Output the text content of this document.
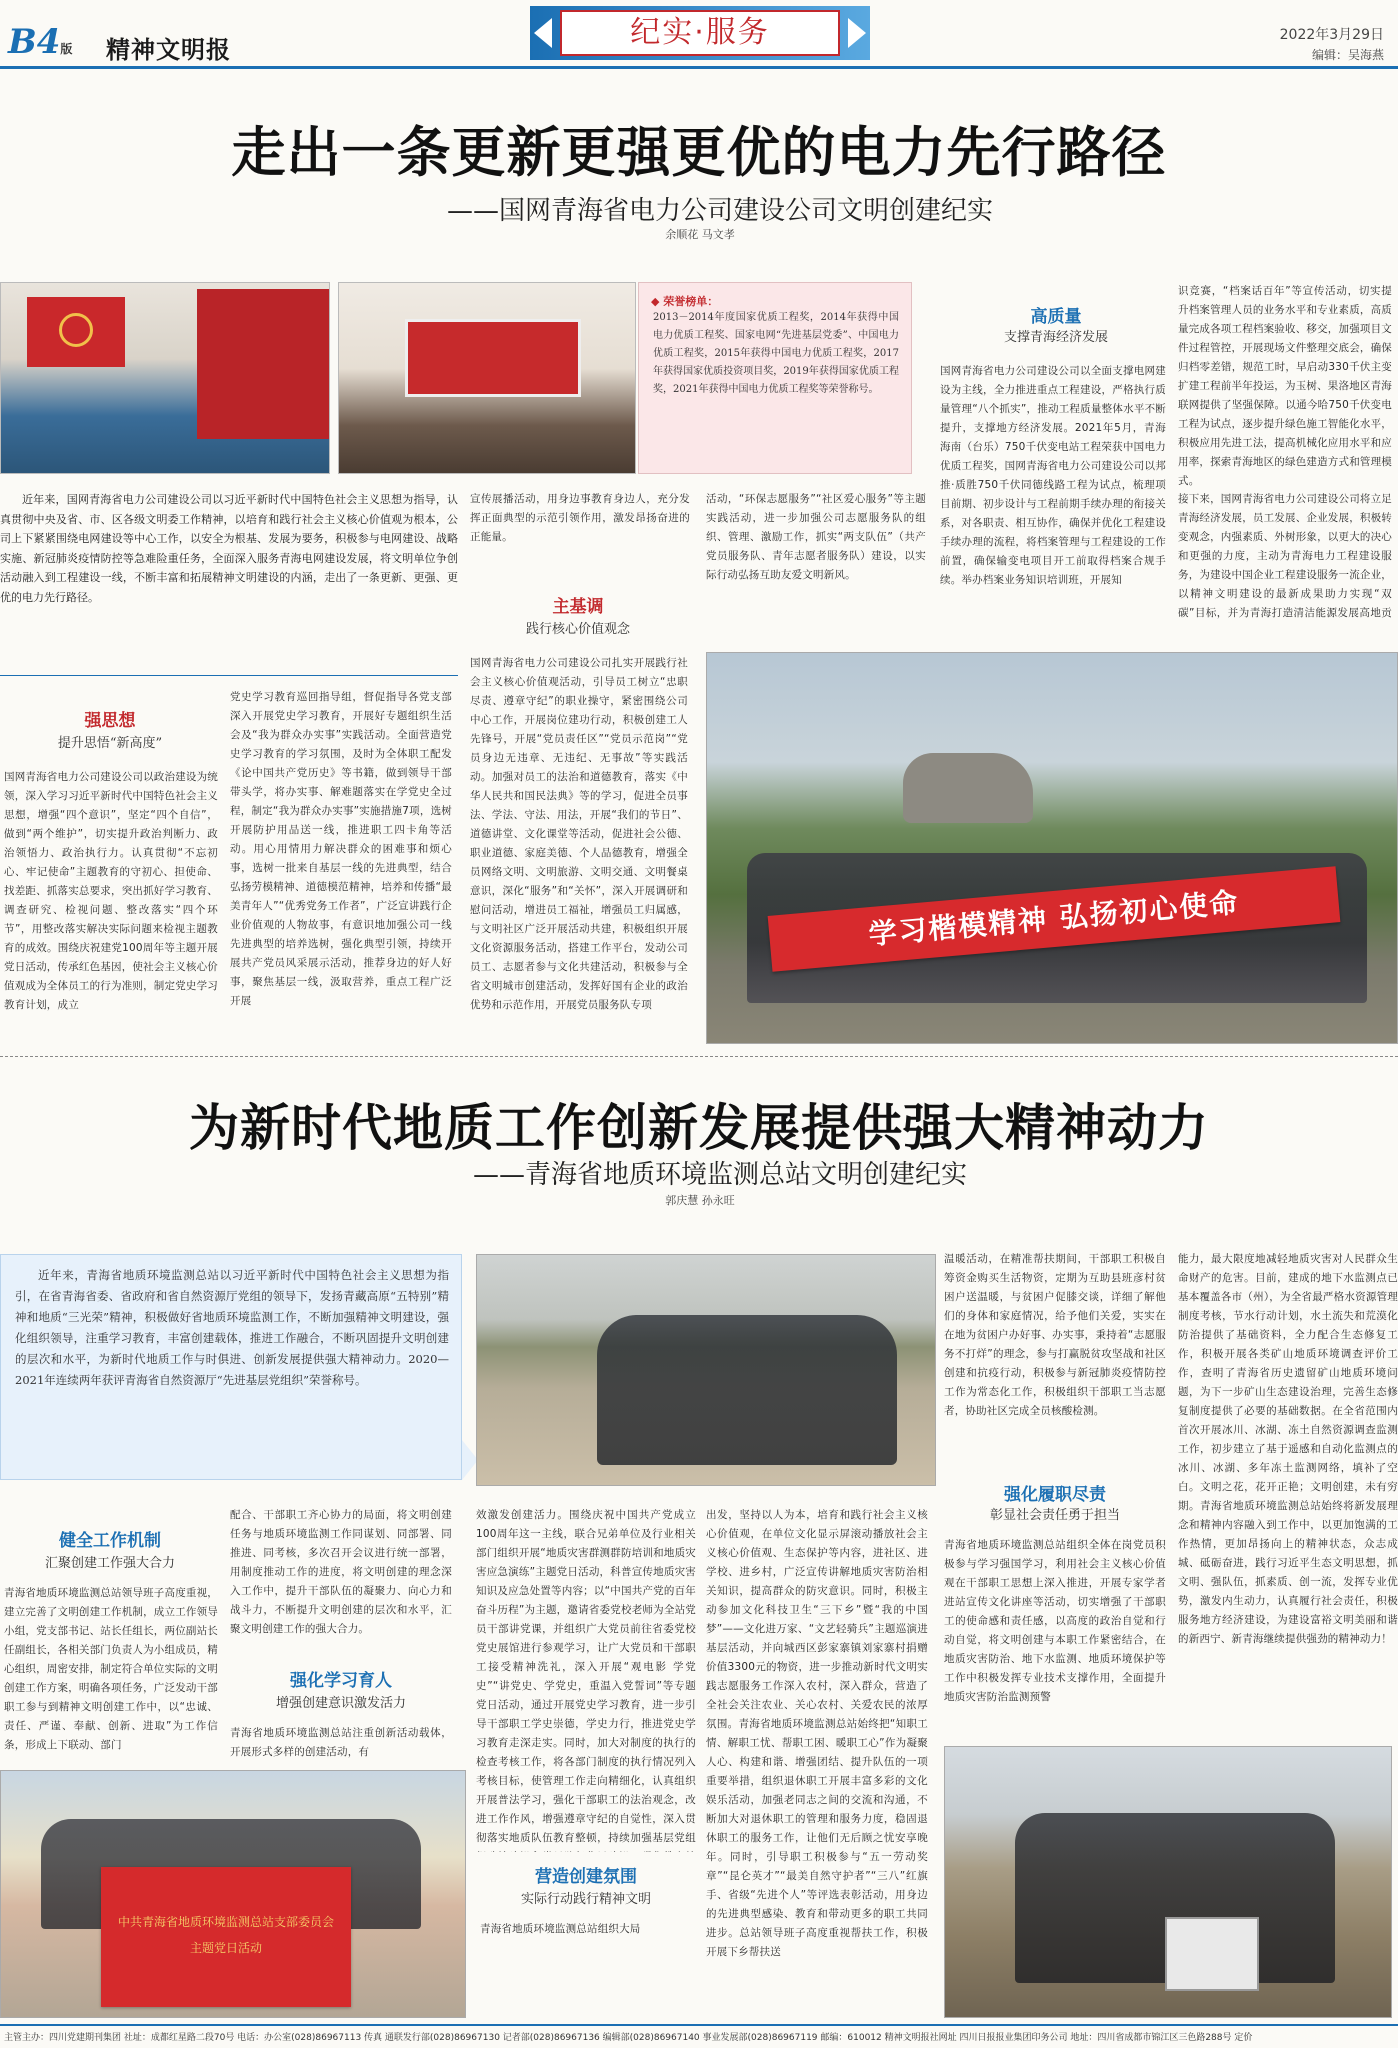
B4版 精神文明报	纪实·服务	2022年3月29日
编辑：吴海燕
走出一条更新更强更优的电力先行路径
——国网青海省电力公司建设公司文明创建纪实
余顺花 马文孝
◆ 荣誉榜单：
2013－2014年度国家优质工程奖，2014年获得中国电力优质工程奖、国家电网“先进基层党委”、中国电力优质工程奖，2015年获得中国电力优质工程奖，2017年获得国家优质投资项目奖，2019年获得国家优质工程奖，2021年获得中国电力优质工程奖等荣誉称号。
高质量
支撑青海经济发展
国网青海省电力公司建设公司以全面支撑电网建设为主线，全力推进重点工程建设，严格执行质量管理“八个抓实”，推动工程质量整体水平不断提升，支撑地方经济发展。2021年5月，青海海南（台乐）750千伏变电站工程荣获中国电力优质工程奖，国网青海省电力公司建设公司以邦推·质胜750千伏同德线路工程为试点，梳理项目前期、初步设计与工程前期手续办理的衔接关系，对各职责、相互协作，确保并优化工程建设手续办理的流程，将档案管理与工程建设的工作前置，确保输变电项目开工前取得档案合规手续。举办档案业务知识培训班，开展知
识竞赛，“档案话百年”等宣传活动，切实提升档案管理人员的业务水平和专业素质，高质量完成各项工程档案验收、移交，加强项目文件过程管控，开展现场文件整理交底会，确保归档零差错，规范工时，早启动330千伏主变扩建工程前半年投运，为玉树、果洛地区青海联网提供了坚强保障。以通今哈750千伏变电工程为试点，逐步提升绿色施工智能化水平，积极应用先进工法，提高机械化应用水平和应用率，探索青海地区的绿色建造方式和管理模式。
接下来，国网青海省电力公司建设公司将立足青海经济发展，员工发展、企业发展，积极转变观念，内强素质、外树形象，以更大的决心和更强的力度，主动为青海电力工程建设服务，为建设中国企业工程建设服务一流企业，以精神文明建设的最新成果助力实现“双碳”目标，并为青海打造清洁能源发展高地贡
近年来，国网青海省电力公司建设公司以习近平新时代中国特色社会主义思想为指导，认真贯彻中央及省、市、区各级文明委工作精神，以培育和践行社会主义核心价值观为根本，公司上下紧紧围绕电网建设等中心工作，以安全为根基、发展为要务，积极参与电网建设、战略实施、新冠肺炎疫情防控等急难险重任务，全面深入服务青海电网建设发展，将文明单位争创活动融入到工程建设一线，不断丰富和拓展精神文明建设的内涵，走出了一条更新、更强、更优的电力先行路径。
强思想
提升思悟“新高度”
国网青海省电力公司建设公司以政治建设为统领，深入学习习近平新时代中国特色社会主义思想，增强“四个意识”，坚定“四个自信”，做到“两个维护”，切实提升政治判断力、政治领悟力、政治执行力。认真贯彻“不忘初心、牢记使命”主题教育的守初心、担使命、找差距、抓落实总要求，突出抓好学习教育、调查研究、检视问题、整改落实“四个环节”，用整改落实解决实际问题来检视主题教育的成效。围绕庆祝建党100周年等主题开展党日活动，传承红色基因，使社会主义核心价值观成为全体员工的行为准则，制定党史学习教育计划，成立
党史学习教育巡回指导组，督促指导各党支部深入开展党史学习教育，开展好专题组织生活会及“我为群众办实事”实践活动。全面营造党史学习教育的学习氛围，及时为全体职工配发《论中国共产党历史》等书籍，做到领导干部带头学，将办实事、解难题落实在学党史全过程，制定“我为群众办实事”实施措施7项，选树开展防护用品送一线，推进职工四卡角等活动。用心用情用力解决群众的困难事和烦心事，选树一批来自基层一线的先进典型，结合弘扬劳模精神、道德模范精神，培养和传播“最美青年人”“优秀党务工作者”，广泛宣讲践行企业价值观的人物故事，有意识地加强公司一线先进典型的培养选树，强化典型引领，持续开展共产党员风采展示活动，推荐身边的好人好事，聚焦基层一线，汲取营养，重点工程广泛开展
宣传展播活动，用身边事教育身边人，充分发挥正面典型的示范引领作用，激发昂扬奋进的正能量。
主基调
践行核心价值观念
国网青海省电力公司建设公司扎实开展践行社会主义核心价值观活动，引导员工树立“忠职尽责、遵章守纪”的职业操守，紧密围绕公司中心工作，开展岗位建功行动，积极创建工人先锋号，开展“党员责任区”“党员示范岗”“党员身边无违章、无违纪、无事故”等实践活动。加强对员工的法治和道德教育，落实《中华人民共和国民法典》等的学习，促进全员事法、学法、守法、用法，开展“我们的节日”、道德讲堂、文化课堂等活动，促进社会公德、职业道德、家庭美德、个人品德教育，增强全员网络文明、文明旅游、文明交通、文明餐桌意识，深化“服务”和“关怀”，深入开展调研和慰问活动，增进员工福祉，增强员工归属感，与文明社区广泛开展活动共建，积极组织开展文化资源服务活动，搭建工作平台，发动公司员工、志愿者参与文化共建活动，积极参与全省文明城市创建活动，发挥好国有企业的政治优势和示范作用，开展党员服务队专项
活动，“环保志愿服务”“社区爱心服务”等主题实践活动，进一步加强公司志愿服务队的组织、管理、激励工作，抓实“两支队伍”（共产党员服务队、青年志愿者服务队）建设，以实际行动弘扬互助友爱文明新风。
学习楷模精神 弘扬初心使命
为新时代地质工作创新发展提供强大精神动力
——青海省地质环境监测总站文明创建纪实
郭庆慧 孙永旺
近年来，青海省地质环境监测总站以习近平新时代中国特色社会主义思想为指引，在省青海省委、省政府和省自然资源厅党组的领导下，发扬青藏高原“五特别”精神和地质“三光荣”精神，积极做好省地质环境监测工作，不断加强精神文明建设，强化组织领导，注重学习教育，丰富创建载体，推进工作融合，不断巩固提升文明创建的层次和水平，为新时代地质工作与时俱进、创新发展提供强大精神动力。2020—2021年连续两年获评青海省自然资源厅“先进基层党组织”荣誉称号。
温暖活动，在精准帮扶期间，干部职工积极自筹资金购买生活物资，定期为互助县班彦村贫困户送温暖，与贫困户促膝交谈，详细了解他们的身体和家庭情况，给予他们关爱，实实在在地为贫困户办好事、办实事，秉持着“志愿服务不打烊”的理念，参与打赢脱贫攻坚战和社区创建和抗疫行动，积极参与新冠肺炎疫情防控工作为常态化工作，积极组织干部职工当志愿者，协助社区完成全员核酸检测。
强化履职尽责
彰显社会责任勇于担当
青海省地质环境监测总站组织全体在岗党员积极参与学习强国学习，利用社会主义核心价值观在干部职工思想上深入推进，开展专家学者进站宣传文化讲座等活动，切实增强了干部职工的使命感和责任感，以高度的政治自觉和行动自觉，将文明创建与本职工作紧密结合，在地质灾害防治、地下水监测、地质环境保护等工作中积极发挥专业技术支撑作用，全面提升地质灾害防治监测预警
能力，最大限度地减轻地质灾害对人民群众生命财产的危害。目前，建成的地下水监测点已基本覆盖各市（州），为全省最严格水资源管理制度考核，节水行动计划，水土流失和荒漠化防治提供了基础资料，全力配合生态修复工作，积极开展各类矿山地质环境调查评价工作，查明了青海省历史遗留矿山地质环境问题，为下一步矿山生态建设治理，完善生态修复制度提供了必要的基础数据。在全省范围内首次开展冰川、冰湖、冻土自然资源调查监测工作，初步建立了基于遥感和自动化监测点的冰川、冰湖、多年冻土监测网络，填补了空白。文明之花，花开正艳；文明创建，未有穷期。青海省地质环境监测总站始终将新发展理念和精神内容融入到工作中，以更加饱满的工作热情，更加昂扬向上的精神状态，众志成城、砥砺奋进，践行习近平生态文明思想，抓文明、强队伍，抓素质、创一流，发挥专业优势，激发内生动力，认真履行社会责任，积极服务地方经济建设，为建设富裕文明美丽和谐的新西宁、新青海继续提供强劲的精神动力！
健全工作机制
汇聚创建工作强大合力
青海省地质环境监测总站领导班子高度重视，建立完善了文明创建工作机制，成立工作领导小组，党支部书记、站长任组长，两位副站长任副组长，各相关部门负责人为小组成员，精心组织，周密安排，制定符合单位实际的文明创建工作方案，明确各项任务，广泛发动干部职工参与到精神文明创建工作中，以“忠诚、责任、严谨、奉献、创新、进取”为工作信条，形成上下联动、部门
配合、干部职工齐心协力的局面，将文明创建任务与地质环境监测工作同谋划、同部署、同推进、同考核，多次召开会议进行统一部署，用制度推动工作的进度，将文明创建的理念深入工作中，提升干部队伍的凝聚力、向心力和战斗力，不断提升文明创建的层次和水平，汇聚文明创建工作的强大合力。
强化学习育人
增强创建意识激发活力
青海省地质环境监测总站注重创新活动载体，开展形式多样的创建活动，有
效激发创建活力。围绕庆祝中国共产党成立100周年这一主线，联合兄弟单位及行业相关部门组织开展“地质灾害群测群防培训和地质灾害应急演练”主题党日活动，科普宣传地质灾害知识及应急处置等内容；以“中国共产党的百年奋斗历程”为主题，邀请省委党校老师为全站党员干部讲党课，并组织广大党员前往省委党校党史展馆进行参观学习，让广大党员和干部职工接受精神洗礼，深入开展“观电影 学党史”“讲党史、学党史，重温入党誓词”等专题党日活动，通过开展党史学习教育，进一步引导干部职工学史崇德，学史力行，推进党史学习教育走深走实。同时，加大对制度的执行的检查考核工作，将各部门制度的执行情况列入考核目标，使管理工作走向精细化，认真组织开展普法学习，强化干部职工的法治观念，改进工作作风，增强遵章守纪的自觉性，深入贯彻落实地质队伍教育整顿，持续加强基层党组
出发，坚持以人为本，培育和践行社会主义核心价值观，在单位文化显示屏滚动播放社会主义核心价值观、生态保护等内容，进社区、进学校、进乡村，广泛宣传讲解地质灾害防治相关知识，提高群众的防灾意识。同时，积极主动参加文化科技卫生“三下乡”暨“我的中国梦”——文化进万家、“文艺轻骑兵”主题巡演进基层活动，并向城西区彭家寨镇刘家寨村捐赠价值3300元的物资，进一步推动新时代文明实践志愿服务工作深入农村，深入群众，营造了全社会关注农业、关心农村、关爱农民的浓厚氛围。青海省地质环境监测总站始终把“知职工情、解职工忧、帮职工困、暖职工心”作为凝聚人心、构建和谐、增强团结、提升队伍的一项重要举措，组织退休职工开展丰富多彩的文化娱乐活动，加强老同志之间的交流和沟通，不断加大对退休职工的管理和服务力度，稳固退休职工的服务工作，让他们无后顾之忧安享晚年。同时，引导职工积极参与“五一劳动奖章”“昆仑英才”“最美自然守护者”“三八”红旗手、省级“先进个人”等评选表彰活动，用身边的先进典型感染、教育和带动更多的职工共同进步。总站领导班子高度重视帮扶工作，积极开展下乡帮扶送
中共青海省地质环境监测总站支部委员会 主题党日活动
营造创建氛围
实际行动践行精神文明
青海省地质环境监测总站组织大局
主管主办：四川党建期刊集团 社址：成都红星路二段70号 电话：办公室(028)86967113 传真 通联发行部(028)86967130 记者部(028)86967136 编辑部(028)86967140 事业发展部(028)86967119 邮编：610012 精神文明报社网址 四川日报报业集团印务公司 地址：四川省成都市锦江区三色路288号 定价
